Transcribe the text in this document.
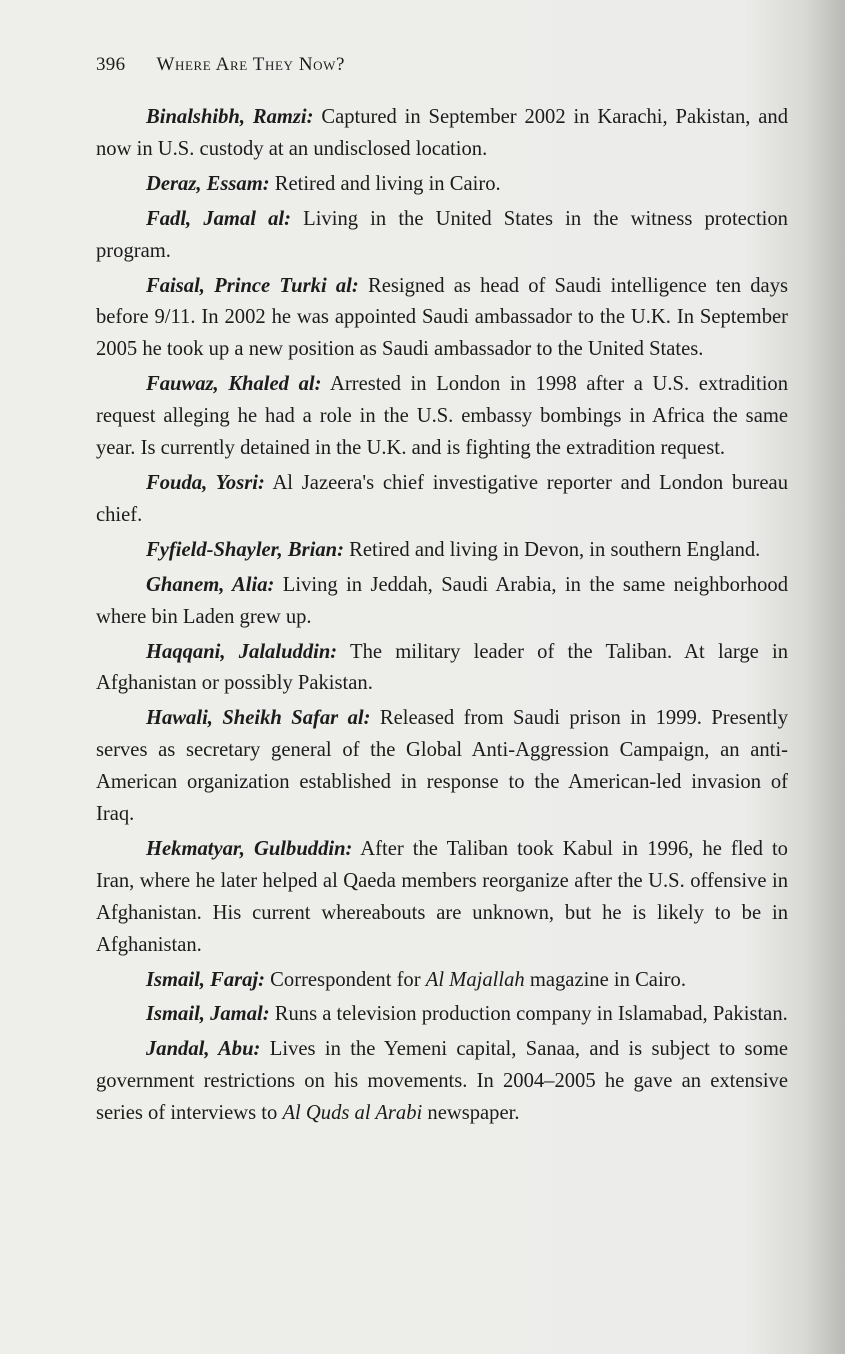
396 Where Are They Now?

Binalshibh, Ramzi: Captured in September 2002 in Karachi, Pakistan, and now in U.S. custody at an undisclosed location.

Deraz, Essam: Retired and living in Cairo.

Fadl, Jamal al: Living in the United States in the witness protection program.

Faisal, Prince Turki al: Resigned as head of Saudi intelligence ten days before 9/11. In 2002 he was appointed Saudi ambassador to the U.K. In September 2005 he took up a new position as Saudi ambassador to the United States.

Fauwaz, Khaled al: Arrested in London in 1998 after a U.S. extradition request alleging he had a role in the U.S. embassy bombings in Africa the same year. Is currently detained in the U.K. and is fighting the extradition request.

Fouda, Yosri: Al Jazeera's chief investigative reporter and London bureau chief.

Fyfield-Shayler, Brian: Retired and living in Devon, in southern England.

Ghanem, Alia: Living in Jeddah, Saudi Arabia, in the same neighborhood where bin Laden grew up.

Haqqani, Jalaluddin: The military leader of the Taliban. At large in Afghanistan or possibly Pakistan.

Hawali, Sheikh Safar al: Released from Saudi prison in 1999. Presently serves as secretary general of the Global Anti-Aggression Campaign, an anti-American organization established in response to the American-led invasion of Iraq.

Hekmatyar, Gulbuddin: After the Taliban took Kabul in 1996, he fled to Iran, where he later helped al Qaeda members reorganize after the U.S. offensive in Afghanistan. His current whereabouts are unknown, but he is likely to be in Afghanistan.

Ismail, Faraj: Correspondent for Al Majallah magazine in Cairo.

Ismail, Jamal: Runs a television production company in Islamabad, Pakistan.

Jandal, Abu: Lives in the Yemeni capital, Sanaa, and is subject to some government restrictions on his movements. In 2004–2005 he gave an extensive series of interviews to Al Quds al Arabi newspaper.
